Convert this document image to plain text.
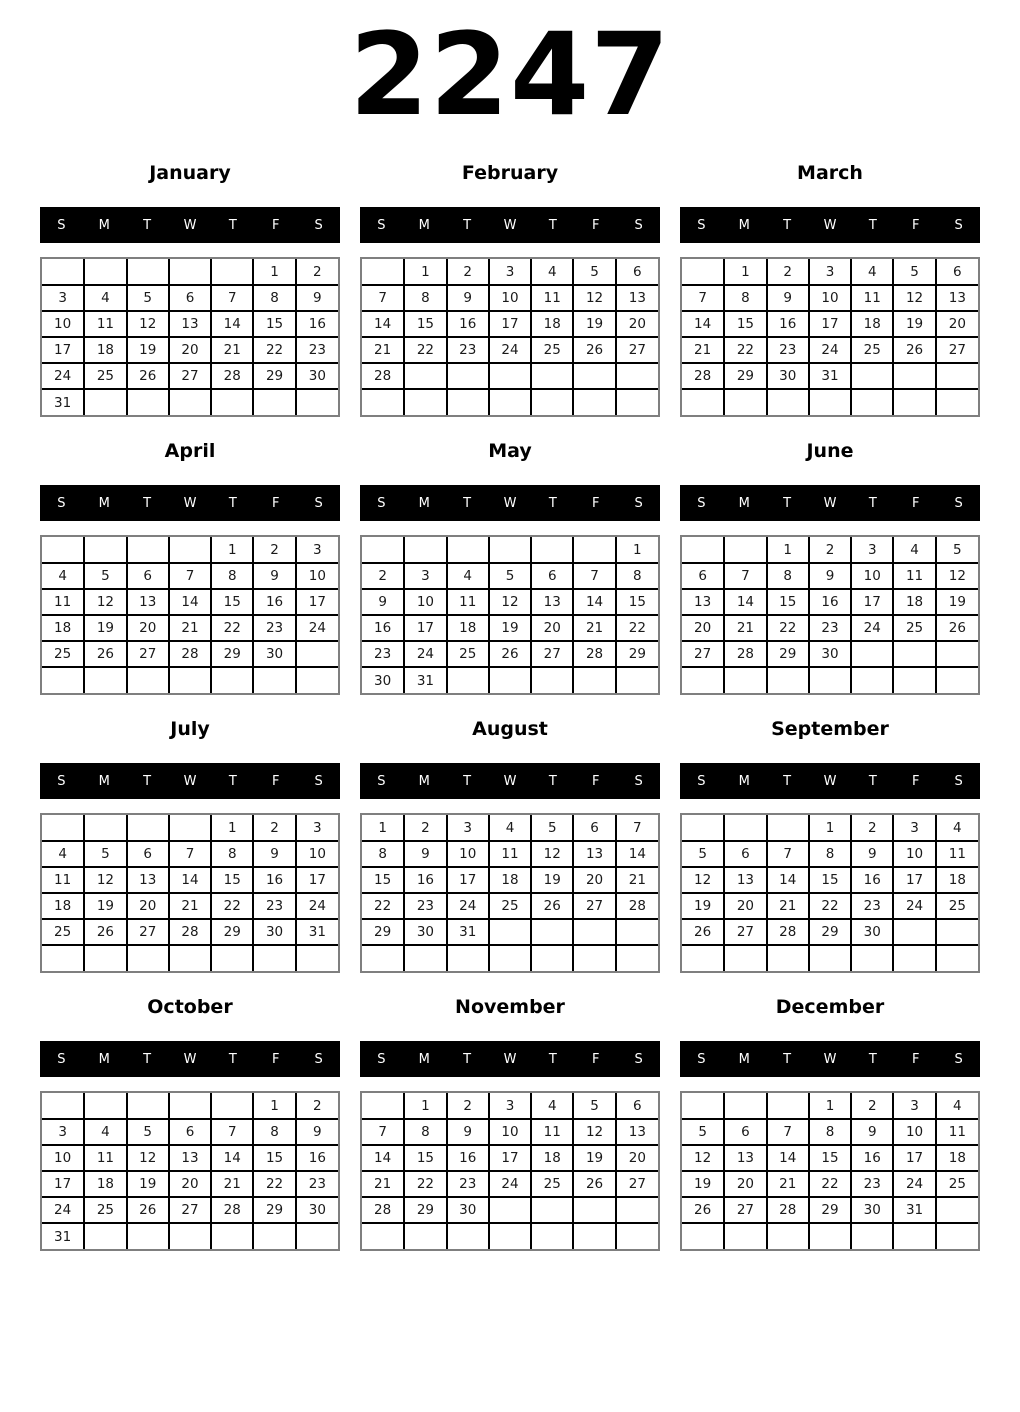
2247
January
S	M	T	W	T	F	S
					1	2
3	4	5	6	7	8	9
10	11	12	13	14	15	16
17	18	19	20	21	22	23
24	25	26	27	28	29	30
31						
February
S	M	T	W	T	F	S
	1	2	3	4	5	6
7	8	9	10	11	12	13
14	15	16	17	18	19	20
21	22	23	24	25	26	27
28						

March
S	M	T	W	T	F	S
	1	2	3	4	5	6
7	8	9	10	11	12	13
14	15	16	17	18	19	20
21	22	23	24	25	26	27
28	29	30	31			

April
S	M	T	W	T	F	S
				1	2	3
4	5	6	7	8	9	10
11	12	13	14	15	16	17
18	19	20	21	22	23	24
25	26	27	28	29	30	

May
S	M	T	W	T	F	S
						1
2	3	4	5	6	7	8
9	10	11	12	13	14	15
16	17	18	19	20	21	22
23	24	25	26	27	28	29
30	31					
June
S	M	T	W	T	F	S
		1	2	3	4	5
6	7	8	9	10	11	12
13	14	15	16	17	18	19
20	21	22	23	24	25	26
27	28	29	30			

July
S	M	T	W	T	F	S
				1	2	3
4	5	6	7	8	9	10
11	12	13	14	15	16	17
18	19	20	21	22	23	24
25	26	27	28	29	30	31

August
S	M	T	W	T	F	S
1	2	3	4	5	6	7
8	9	10	11	12	13	14
15	16	17	18	19	20	21
22	23	24	25	26	27	28
29	30	31				

September
S	M	T	W	T	F	S
			1	2	3	4
5	6	7	8	9	10	11
12	13	14	15	16	17	18
19	20	21	22	23	24	25
26	27	28	29	30		

October
S	M	T	W	T	F	S
					1	2
3	4	5	6	7	8	9
10	11	12	13	14	15	16
17	18	19	20	21	22	23
24	25	26	27	28	29	30
31						
November
S	M	T	W	T	F	S
	1	2	3	4	5	6
7	8	9	10	11	12	13
14	15	16	17	18	19	20
21	22	23	24	25	26	27
28	29	30				

December
S	M	T	W	T	F	S
			1	2	3	4
5	6	7	8	9	10	11
12	13	14	15	16	17	18
19	20	21	22	23	24	25
26	27	28	29	30	31	
